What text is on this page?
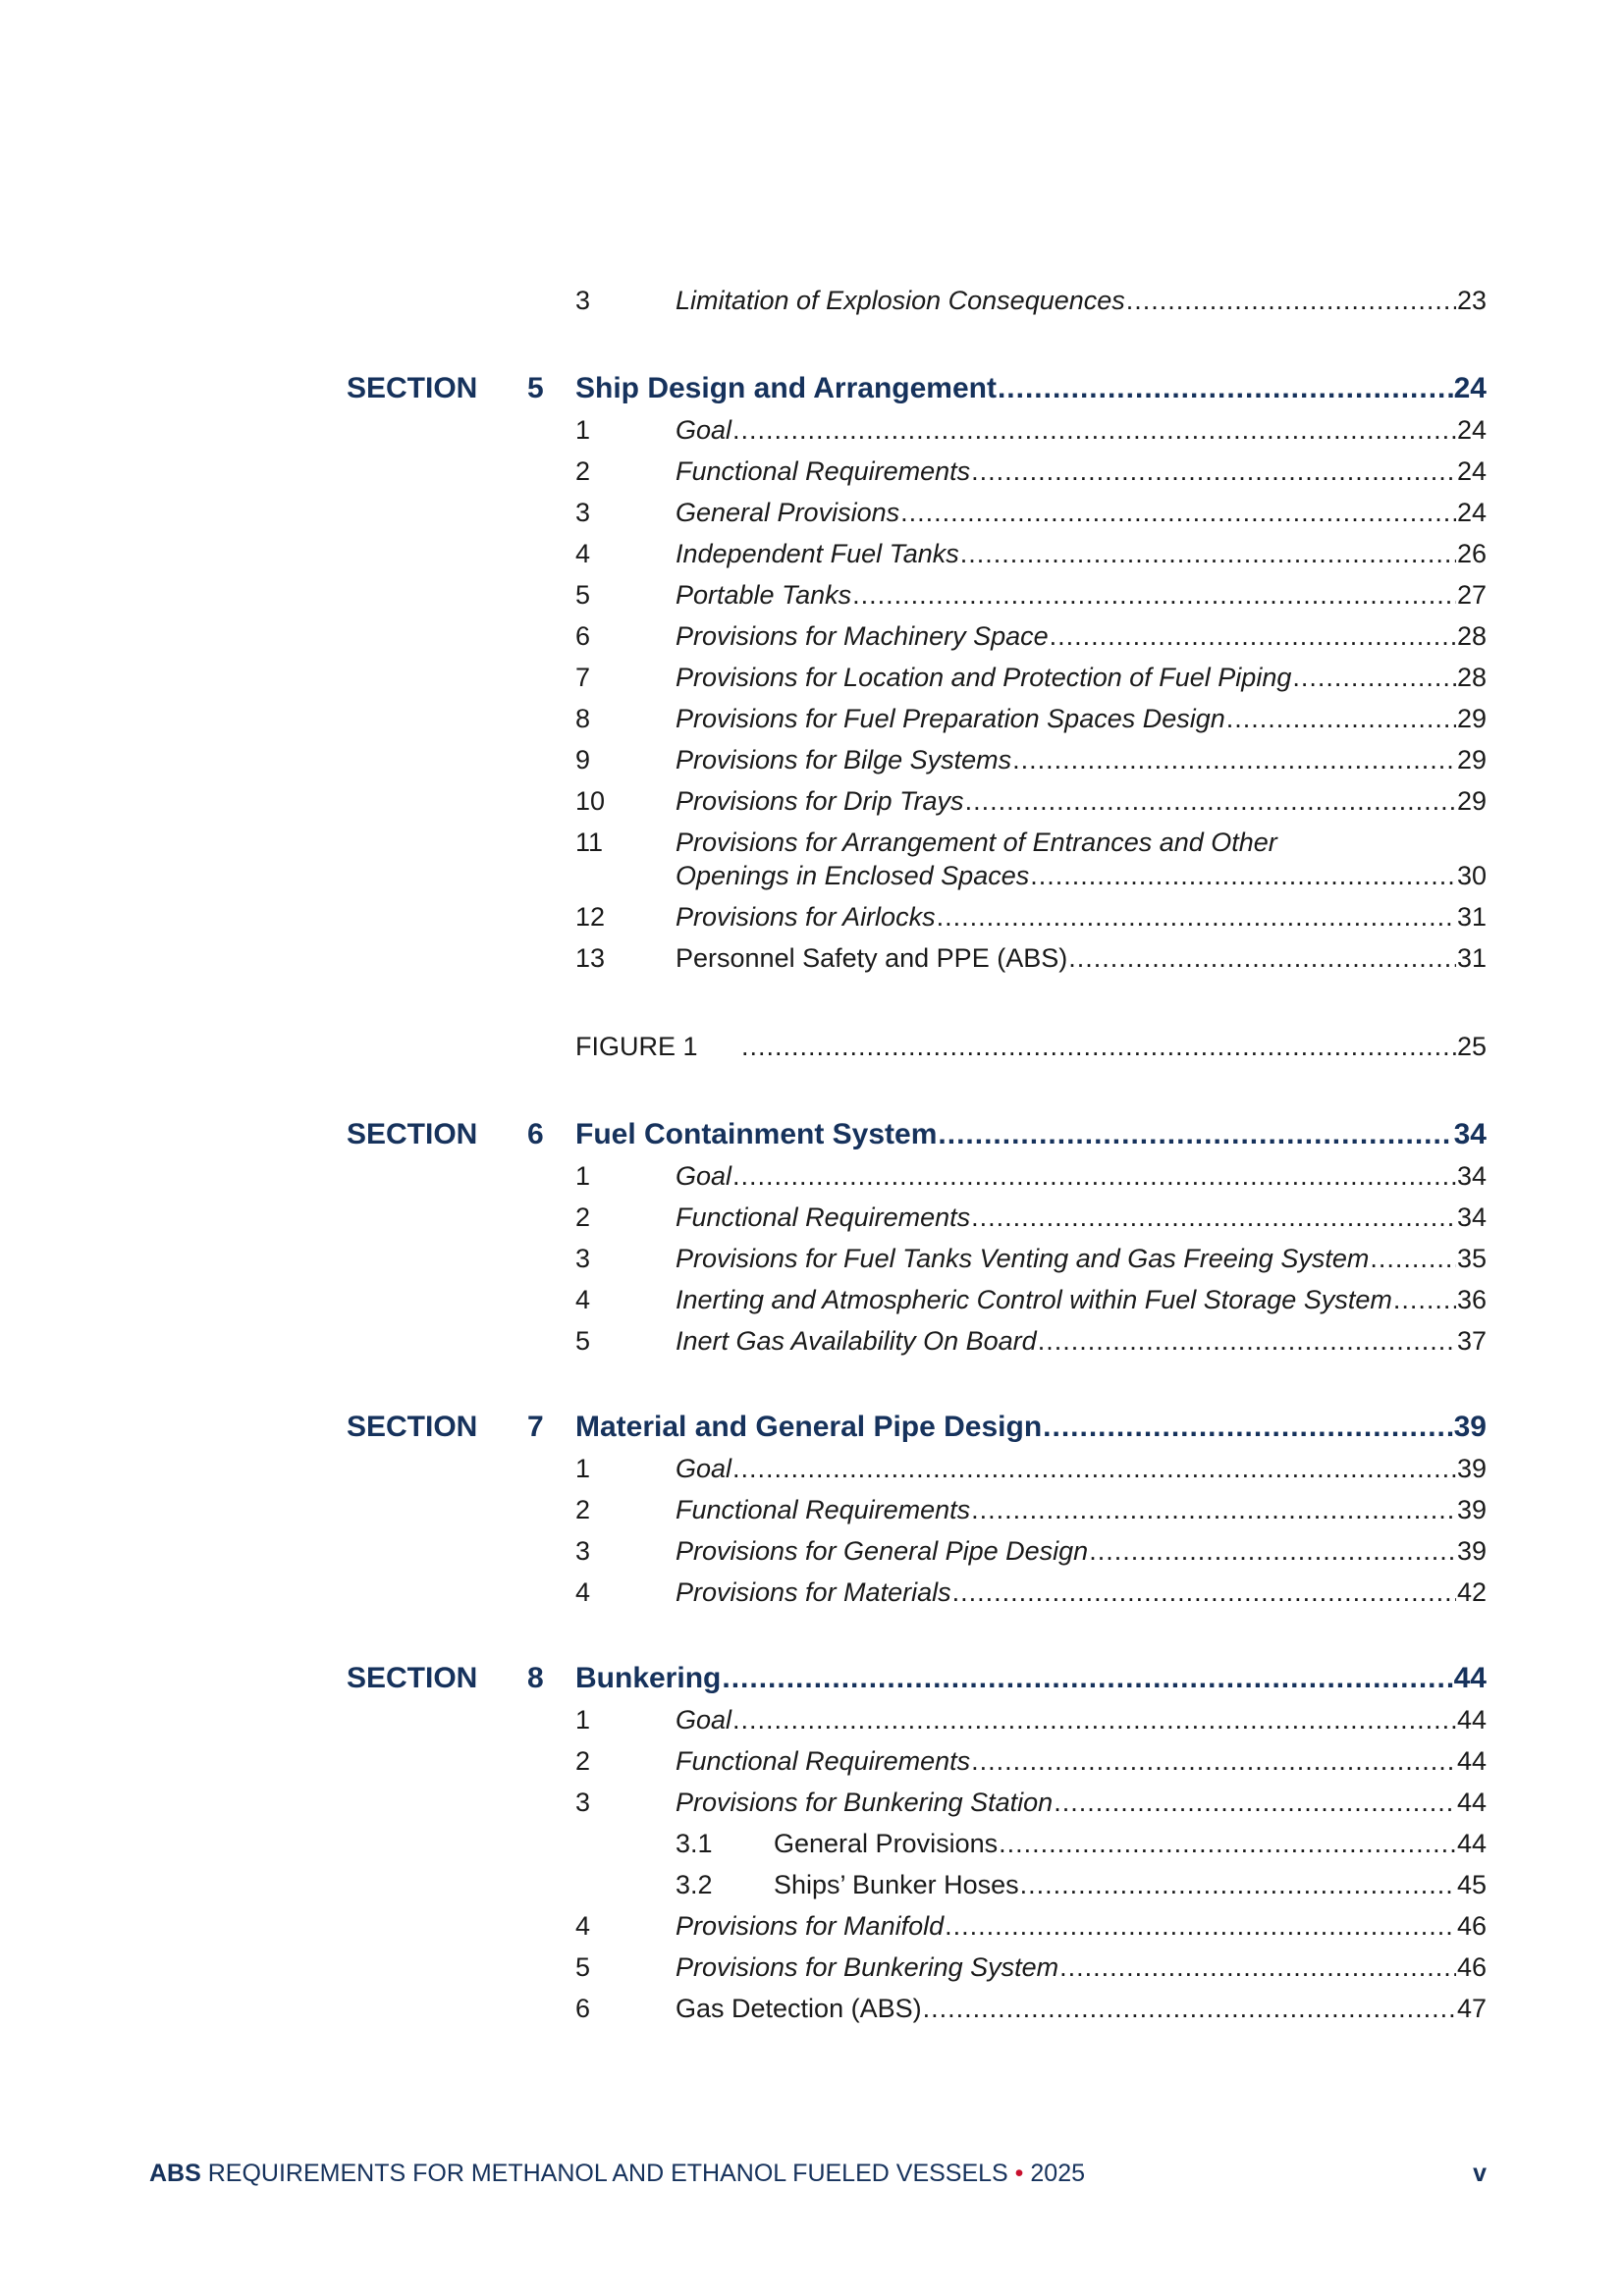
3	Limitation of Explosion Consequences .....	23
SECTION 5 Ship Design and Arrangement .....	24
1	Goal .....	24
2	Functional Requirements .....	24
3	General Provisions .....	24
4	Independent Fuel Tanks .....	26
5	Portable Tanks .....	27
6	Provisions for Machinery Space .....	28
7	Provisions for Location and Protection of Fuel Piping .....	28
8	Provisions for Fuel Preparation Spaces Design .....	29
9	Provisions for Bilge Systems .....	29
10	Provisions for Drip Trays .....	29
11	Provisions for Arrangement of Entrances and Other
Openings in Enclosed Spaces .....	30
12	Provisions for Airlocks .....	31
13	Personnel Safety and PPE (ABS) .....	31
FIGURE 1 .....	25
SECTION 6 Fuel Containment System .....	34
1	Goal .....	34
2	Functional Requirements .....	34
3	Provisions for Fuel Tanks Venting and Gas Freeing System .....	35
4	Inerting and Atmospheric Control within Fuel Storage System ..... 36
5	Inert Gas Availability On Board .....	37
SECTION 7 Material and General Pipe Design .....	39
1	Goal .....	39
2	Functional Requirements .....	39
3	Provisions for General Pipe Design .....	39
4	Provisions for Materials .....	42
SECTION 8 Bunkering .....	44
1	Goal .....	44
2	Functional Requirements .....	44
3	Provisions for Bunkering Station .....	44
3.1	General Provisions .....	44
3.2	Ships’ Bunker Hoses .....	45
4	Provisions for Manifold .....	46
5	Provisions for Bunkering System .....	46
6	Gas Detection (ABS) .....	47
ABS REQUIREMENTS FOR METHANOL AND ETHANOL FUELED VESSELS • 2025	v
